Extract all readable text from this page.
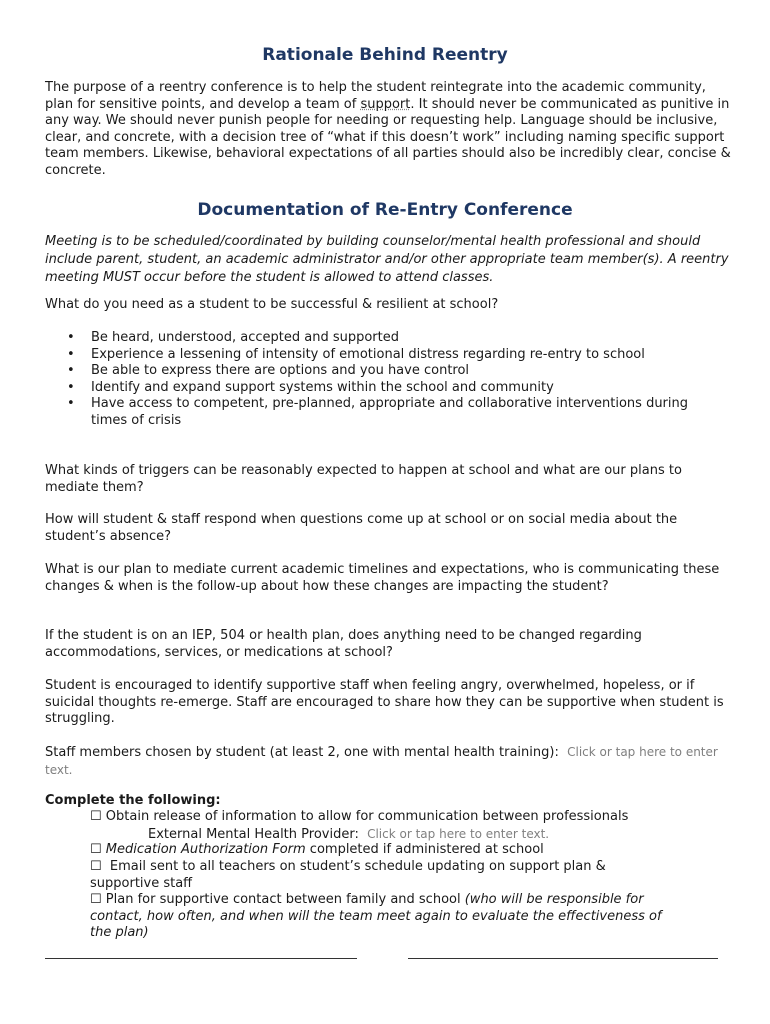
Rationale Behind Reentry

The purpose of a reentry conference is to help the student reintegrate into the academic community, plan for sensitive points, and develop a team of support. It should never be communicated as punitive in any way. We should never punish people for needing or requesting help. Language should be inclusive, clear, and concrete, with a decision tree of “what if this doesn’t work” including naming specific support team members. Likewise, behavioral expectations of all parties should also be incredibly clear, concise & concrete.

Documentation of Re-Entry Conference

Meeting is to be scheduled/coordinated by building counselor/mental health professional and should include parent, student, an academic administrator and/or other appropriate team member(s). A reentry meeting MUST occur before the student is allowed to attend classes.

What do you need as a student to be successful & resilient at school?

• Be heard, understood, accepted and supported
• Experience a lessening of intensity of emotional distress regarding re-entry to school
• Be able to express there are options and you have control
• Identify and expand support systems within the school and community
• Have access to competent, pre-planned, appropriate and collaborative interventions during times of crisis

What kinds of triggers can be reasonably expected to happen at school and what are our plans to mediate them?

How will student & staff respond when questions come up at school or on social media about the student’s absence?

What is our plan to mediate current academic timelines and expectations, who is communicating these changes & when is the follow-up about how these changes are impacting the student?

If the student is on an IEP, 504 or health plan, does anything need to be changed regarding accommodations, services, or medications at school?

Student is encouraged to identify supportive staff when feeling angry, overwhelmed, hopeless, or if suicidal thoughts re-emerge. Staff are encouraged to share how they can be supportive when student is struggling.

Staff members chosen by student (at least 2, one with mental health training): Click or tap here to enter text.

Complete the following:

☐ Obtain release of information to allow for communication between professionals

External Mental Health Provider: Click or tap here to enter text.

☐ Medication Authorization Form completed if administered at school

☐ Email sent to all teachers on student’s schedule updating on support plan & supportive staff
☐ Plan for supportive contact between family and school (who will be responsible for contact, how often, and when will the team meet again to evaluate the effectiveness of the plan)
